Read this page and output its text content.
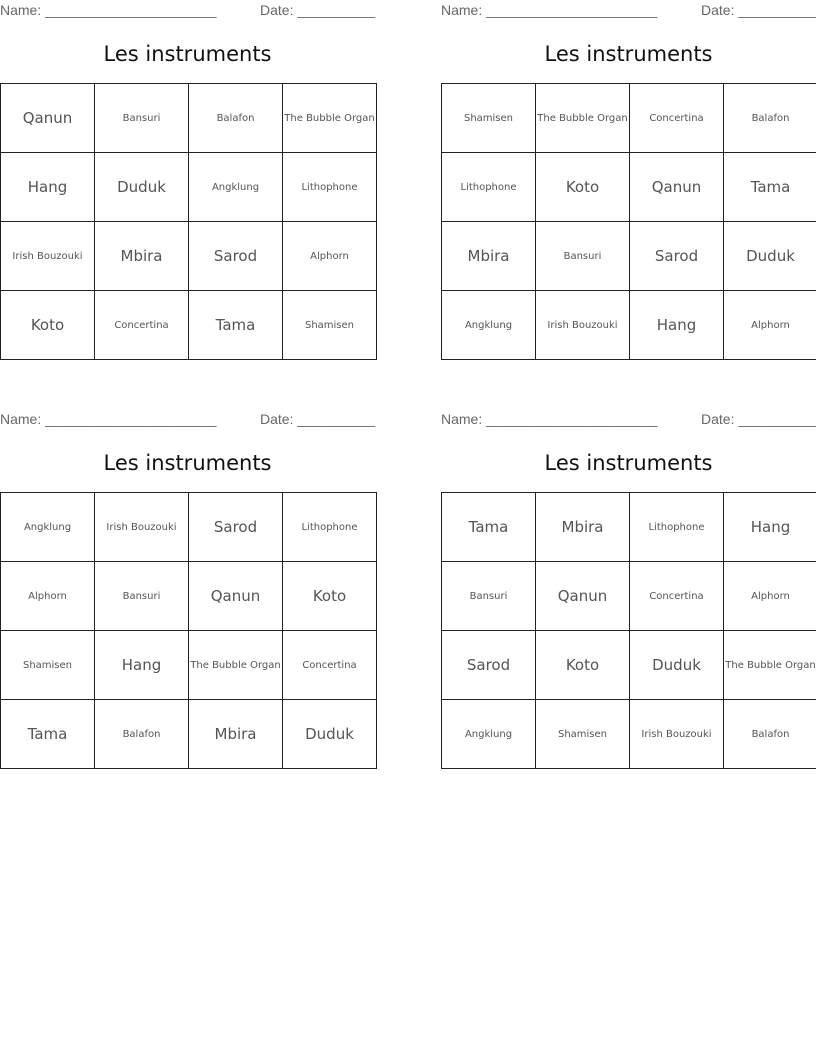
Name: ______________________	Date: __________
Les instruments
Qanun	Bansuri	Balafon	The Bubble Organ
Hang	Duduk	Angklung	Lithophone
Irish Bouzouki	Mbira	Sarod	Alphorn
Koto	Concertina	Tama	Shamisen
Name: ______________________	Date: __________
Les instruments
Shamisen	The Bubble Organ	Concertina	Balafon
Lithophone	Koto	Qanun	Tama
Mbira	Bansuri	Sarod	Duduk
Angklung	Irish Bouzouki	Hang	Alphorn
Name: ______________________	Date: __________
Les instruments
Angklung	Irish Bouzouki	Sarod	Lithophone
Alphorn	Bansuri	Qanun	Koto
Shamisen	Hang	The Bubble Organ	Concertina
Tama	Balafon	Mbira	Duduk
Name: ______________________	Date: __________
Les instruments
Tama	Mbira	Lithophone	Hang
Bansuri	Qanun	Concertina	Alphorn
Sarod	Koto	Duduk	The Bubble Organ
Angklung	Shamisen	Irish Bouzouki	Balafon
